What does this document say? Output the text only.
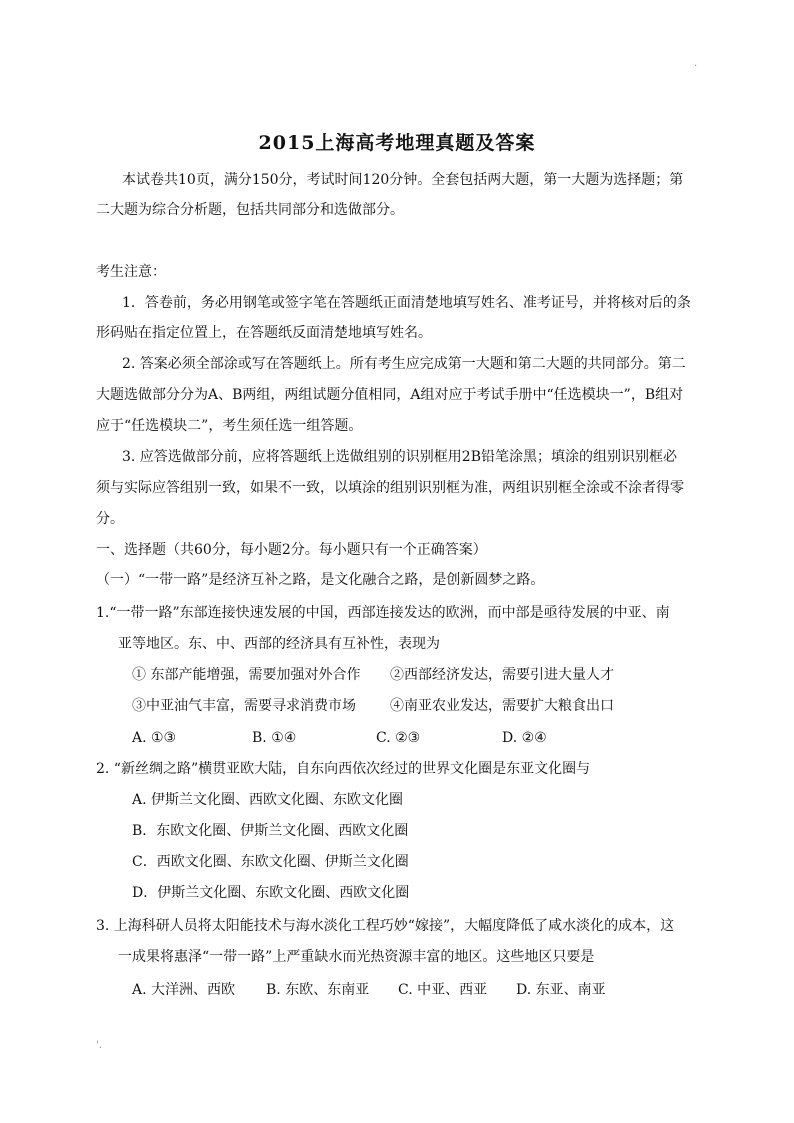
.
2015上海高考地理真题及答案
本试卷共10页，满分150分，考试时间120分钟。全套包括两大题，第一大题为选择题；第
二大题为综合分析题，包括共同部分和选做部分。
考生注意：
1．答卷前，务必用钢笔或签字笔在答题纸正面清楚地填写姓名、准考证号，并将核对后的条
形码贴在指定位置上，在答题纸反面清楚地填写姓名。
2. 答案必须全部涂或写在答题纸上。所有考生应完成第一大题和第二大题的共同部分。第二
大题选做部分分为A、B两组，两组试题分值相同，A组对应于考试手册中“任选模块一”，B组对
应于“任选模块二”，考生须任选一组答题。
3. 应答选做部分前，应将答题纸上选做组别的识别框用2B铅笔涂黑；填涂的组别识别框必
须与实际应答组别一致，如果不一致，以填涂的组别识别框为准，两组识别框全涂或不涂者得零
分。
一、选择题（共60分，每小题2分。每小题只有一个正确答案）
（一）“一带一路”是经济互补之路，是文化融合之路，是创新圆梦之路。
1.“一带一路”东部连接快速发展的中国，西部连接发达的欧洲，而中部是亟待发展的中亚、南
亚等地区。东、中、西部的经济具有互补性，表现为
① 东部产能增强，需要加强对外合作 ②西部经济发达，需要引进大量人才
③中亚油气丰富，需要寻求消费市场 ④南亚农业发达，需要扩大粮食出口
A. ①③	B. ①④	C. ②③	D. ②④
2. “新丝绸之路”横贯亚欧大陆，自东向西依次经过的世界文化圈是东亚文化圈与
A. 伊斯兰文化圈、西欧文化圈、东欧文化圈
B．东欧文化圈、伊斯兰文化圈、西欧文化圈
C．西欧文化圈、东欧文化圈、伊斯兰文化圈
D．伊斯兰文化圈、东欧文化圈、西欧文化圈
3. 上海科研人员将太阳能技术与海水淡化工程巧妙“嫁接”，大幅度降低了咸水淡化的成本，这
一成果将惠泽“一带一路”上严重缺水而光热资源丰富的地区。这些地区只要是
A. 大洋洲、西欧 B. 东欧、东南亚 C. 中亚、西亚 D. 东亚、南亚
'.
